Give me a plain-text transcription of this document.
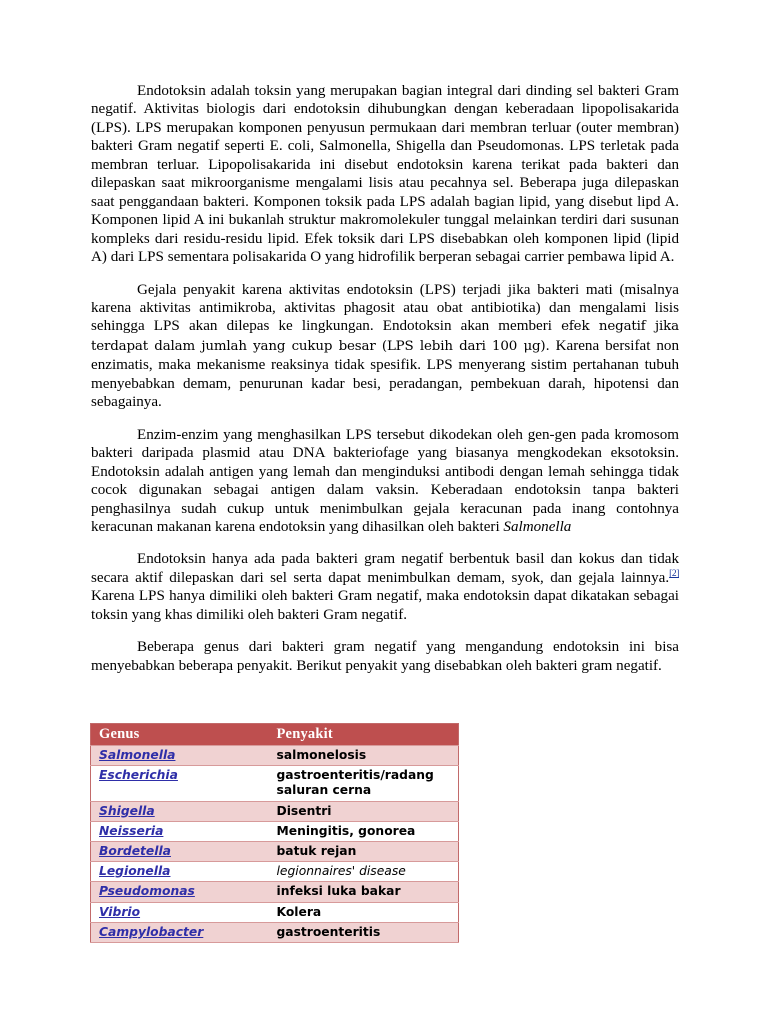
Endotoksin adalah toksin yang merupakan bagian integral dari dinding sel bakteri Gram negatif. Aktivitas biologis dari endotoksin dihubungkan dengan keberadaan lipopolisakarida (LPS). LPS merupakan komponen penyusun permukaan dari membran terluar (outer membran) bakteri Gram negatif seperti E. coli, Salmonella, Shigella dan Pseudomonas. LPS terletak pada membran terluar. Lipopolisakarida ini disebut endotoksin karena terikat pada bakteri dan dilepaskan saat mikroorganisme mengalami lisis atau pecahnya sel. Beberapa juga dilepaskan saat penggandaan bakteri. Komponen toksik pada LPS adalah bagian lipid, yang disebut lipd A. Komponen lipid A ini bukanlah struktur makromolekuler tunggal melainkan terdiri dari susunan kompleks dari residu-residu lipid. Efek toksik dari LPS disebabkan oleh komponen lipid (lipid A) dari LPS sementara polisakarida O yang hidrofilik berperan sebagai carrier pembawa lipid A.

Gejala penyakit karena aktivitas endotoksin (LPS) terjadi jika bakteri mati (misalnya karena aktivitas antimikroba, aktivitas phagosit atau obat antibiotika) dan mengalami lisis sehingga LPS akan dilepas ke lingkungan. Endotoksin akan memberi efek negatif jika terdapat dalam jumlah yang cukup besar (LPS lebih dari 100 μg). Karena bersifat non enzimatis, maka mekanisme reaksinya tidak spesifik. LPS menyerang sistim pertahanan tubuh menyebabkan demam, penurunan kadar besi, peradangan, pembekuan darah, hipotensi dan sebagainya.

Enzim-enzim yang menghasilkan LPS tersebut dikodekan oleh gen-gen pada kromosom bakteri daripada plasmid atau DNA bakteriofage yang biasanya mengkodekan eksotoksin. Endotoksin adalah antigen yang lemah dan menginduksi antibodi dengan lemah sehingga tidak cocok digunakan sebagai antigen dalam vaksin. Keberadaan endotoksin tanpa bakteri penghasilnya sudah cukup untuk menimbulkan gejala keracunan pada inang contohnya keracunan makanan karena endotoksin yang dihasilkan oleh bakteri Salmonella

Endotoksin hanya ada pada bakteri gram negatif berbentuk basil dan kokus dan tidak secara aktif dilepaskan dari sel serta dapat menimbulkan demam, syok, dan gejala lainnya.[2] Karena LPS hanya dimiliki oleh bakteri Gram negatif, maka endotoksin dapat dikatakan sebagai toksin yang khas dimiliki oleh bakteri Gram negatif.

Beberapa genus dari bakteri gram negatif yang mengandung endotoksin ini bisa menyebabkan beberapa penyakit. Berikut penyakit yang disebabkan oleh bakteri gram negatif.

Genus	Penyakit
Salmonella	salmonelosis
Escherichia	gastroenteritis/radang saluran cerna
Shigella	Disentri
Neisseria	Meningitis, gonorea
Bordetella	batuk rejan
Legionella	legionnaires' disease
Pseudomonas	infeksi luka bakar
Vibrio	Kolera
Campylobacter	gastroenteritis
